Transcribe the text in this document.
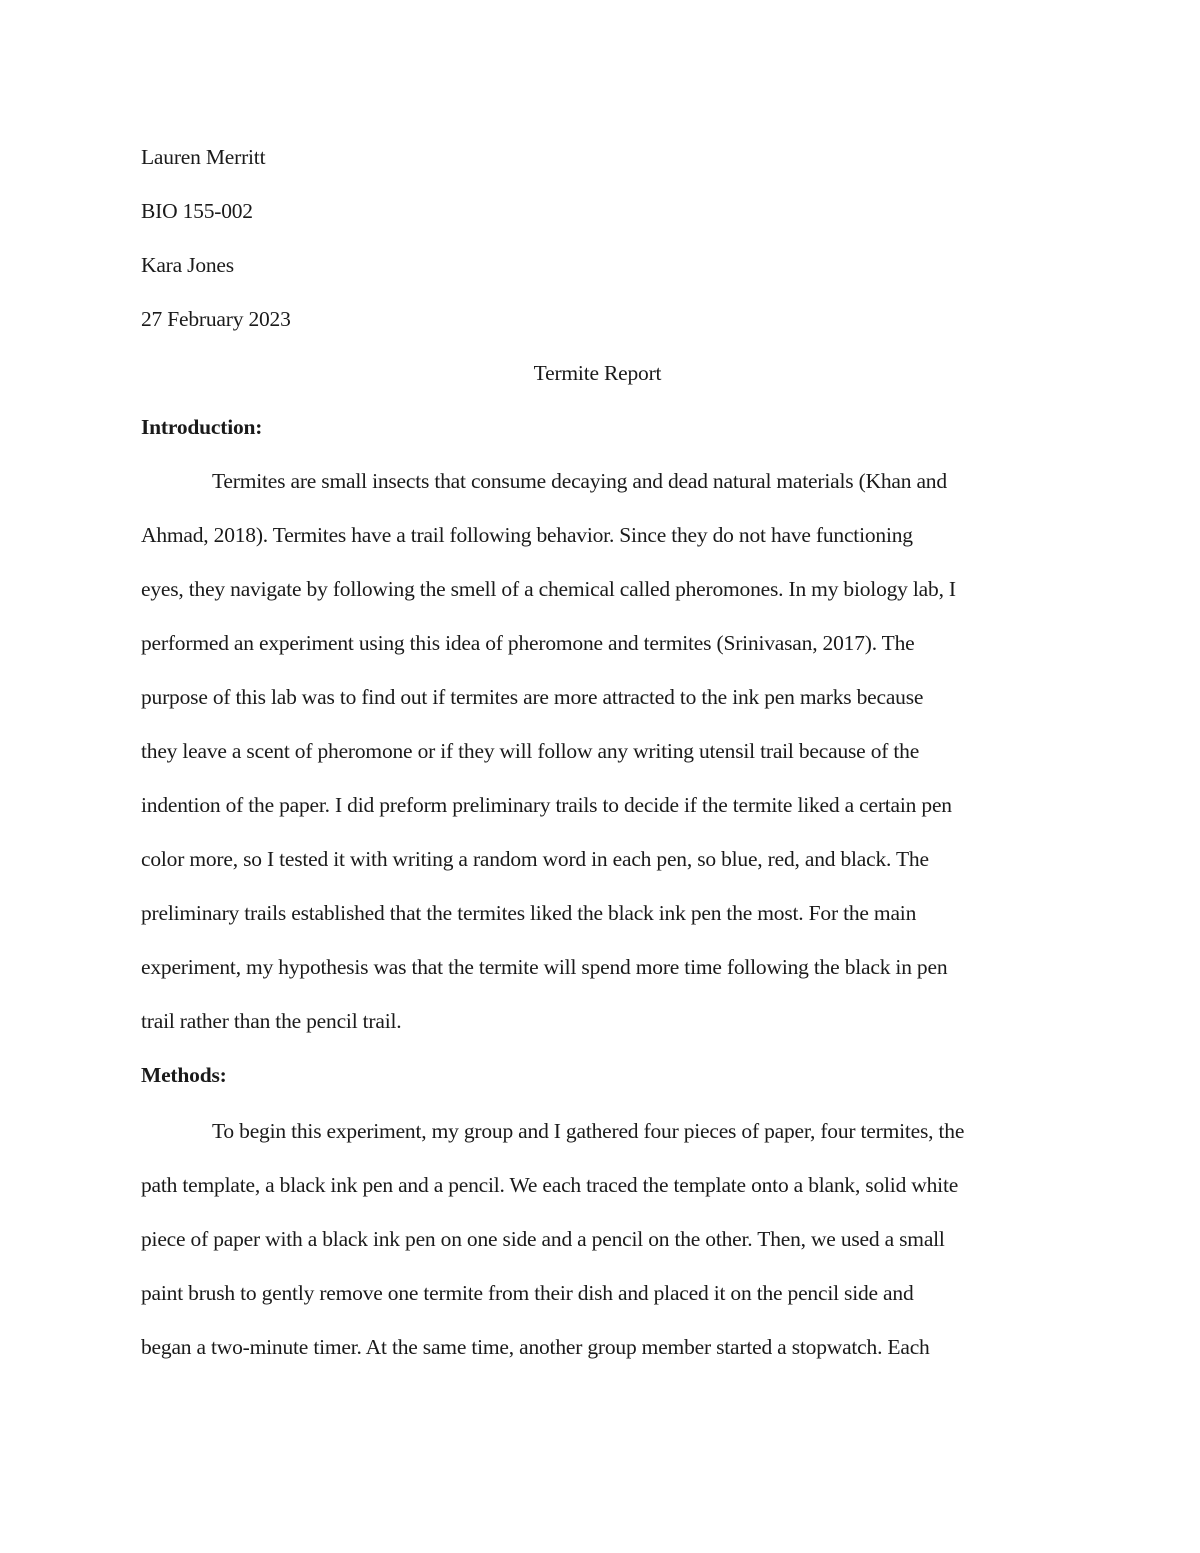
Lauren Merritt
BIO 155-002
Kara Jones
27 February 2023
Termite Report
Introduction:
Termites are small insects that consume decaying and dead natural materials (Khan and
Ahmad, 2018). Termites have a trail following behavior. Since they do not have functioning
eyes, they navigate by following the smell of a chemical called pheromones. In my biology lab, I
performed an experiment using this idea of pheromone and termites (Srinivasan, 2017). The
purpose of this lab was to find out if termites are more attracted to the ink pen marks because
they leave a scent of pheromone or if they will follow any writing utensil trail because of the
indention of the paper. I did preform preliminary trails to decide if the termite liked a certain pen
color more, so I tested it with writing a random word in each pen, so blue, red, and black. The
preliminary trails established that the termites liked the black ink pen the most. For the main
experiment, my hypothesis was that the termite will spend more time following the black in pen
trail rather than the pencil trail.
Methods:
To begin this experiment, my group and I gathered four pieces of paper, four termites, the
path template, a black ink pen and a pencil. We each traced the template onto a blank, solid white
piece of paper with a black ink pen on one side and a pencil on the other. Then, we used a small
paint brush to gently remove one termite from their dish and placed it on the pencil side and
began a two-minute timer. At the same time, another group member started a stopwatch. Each
